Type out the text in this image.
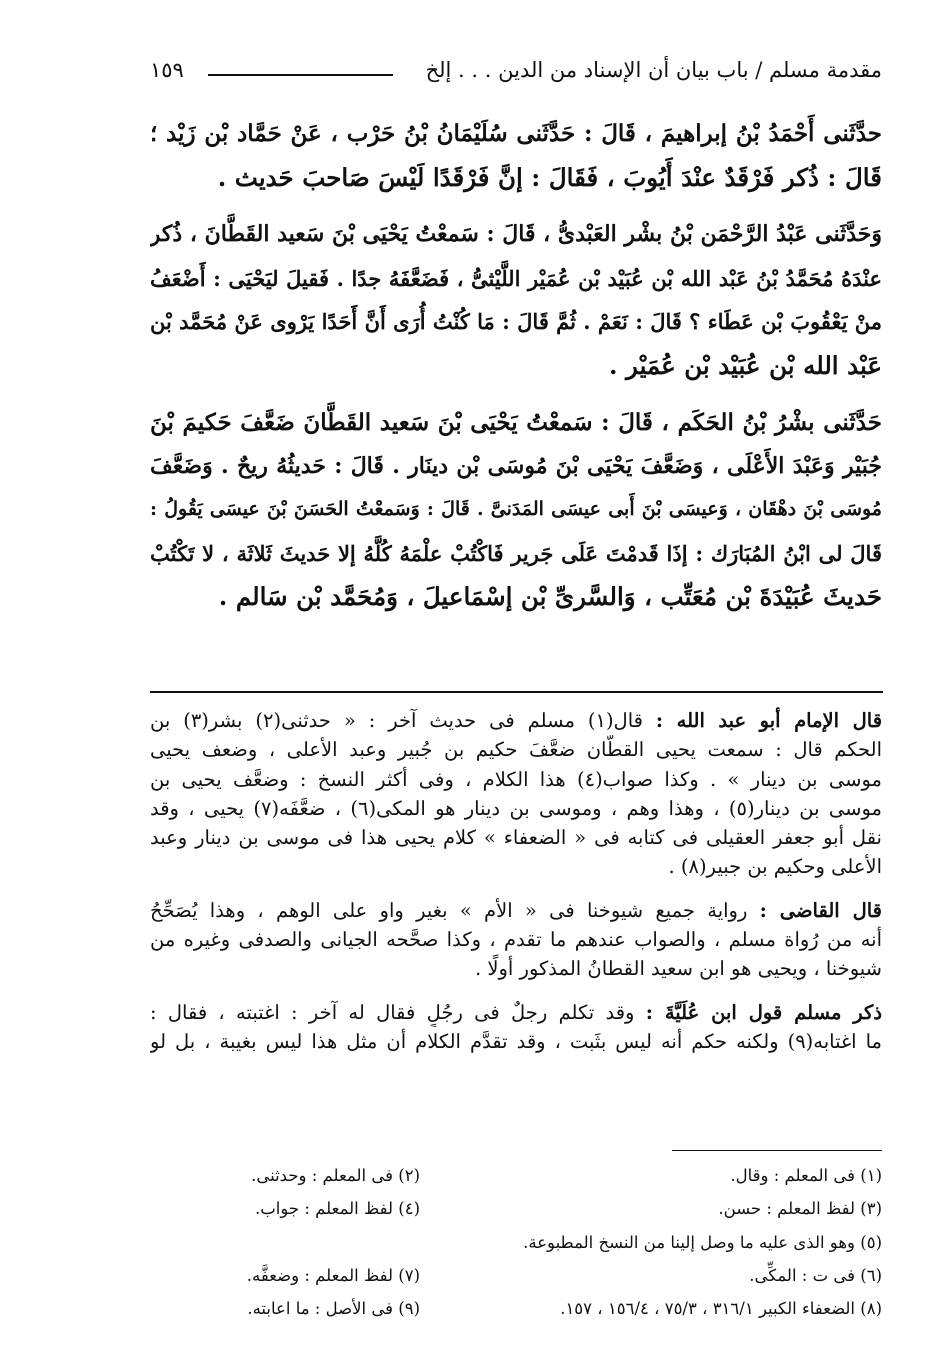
مقدمة مسلم / باب بيان أن الإسناد من الدين . . . إلخ
١٥٩
حدَّثَنى أَحْمَدُ بْنُ إبراهيمَ ، قَالَ : حَدَّثَنى سُلَيْمَانُ بْنُ حَرْب ، عَنْ حَمَّاد بْن زَيْد ؛
قَالَ : ذُكر فَرْقَدٌ عنْدَ أَيُوبَ ، فَقَالَ : إنَّ فَرْقَدًا لَيْسَ صَاحبَ حَديث .
وَحَدَّثَنى عَبْدُ الرَّحْمَن بْنُ بشْر العَبْدىُّ ، قَالَ : سَمعْتُ يَحْيَى بْنَ سَعيد القَطَّانَ ، ذُكر
عنْدَهُ مُحَمَّدُ بْنُ عَبْد الله بْن عُبَيْد بْن عُمَيْر اللَّيْثىُّ ، فَضَعَّفَهُ جدًا . فَقيلَ ليَحْيَى : أَضْعَفُ
منْ يَعْقُوبَ بْن عَطَاء ؟ قَالَ : نَعَمْ . ثُمَّ قَالَ : مَا كُنْتُ أُرَى أَنَّ أَحَدًا يَرْوى عَنْ مُحَمَّد بْن
عَبْد الله بْن عُبَيْد بْن عُمَيْر .
حَدَّثَنى بشْرُ بْنُ الحَكَم ، قَالَ : سَمعْتُ يَحْيَى بْنَ سَعيد القَطَّانَ ضَعَّفَ حَكيمَ بْنَ
جُبَيْر وَعَبْدَ الأَعْلَى ، وَضَعَّفَ يَحْيَى بْنَ مُوسَى بْن دينَار . قَالَ : حَديثُهُ ريحٌ . وَضَعَّفَ
مُوسَى بْنَ دهْقَان ، وَعيسَى بْنَ أَبى عيسَى المَدَنىَّ . قَالَ : وَسَمعْتُ الحَسَنَ بْنَ عيسَى يَقُولُ :
قَالَ لى ابْنُ المُبَارَك : إذَا قَدمْتَ عَلَى جَرير فَاكْتُبْ علْمَهُ كُلَّهُ إلا حَديثَ ثَلاثَة ، لا تَكْتُبْ
حَديثَ عُبَيْدَةَ بْن مُعَتِّب ، وَالسَّرىِّ بْن إسْمَاعيلَ ، وَمُحَمَّد بْن سَالم .
قال الإمام أبو عبد الله : قال(١) مسلم فى حديث آخر : « حدثنى(٢) بشر(٣) بن
الحكم قال : سمعت يحيى القطَّان ضعَّفَ حكيم بن جُبير وعبد الأعلى ، وضعف يحيى
موسى بن دينار » . وكذا صواب(٤) هذا الكلام ، وفى أكثر النسخ : وضعَّف يحيى بن
موسى بن دينار(٥) ، وهذا وهم ، وموسى بن دينار هو المكى(٦) ، ضعَّفَه(٧) يحيى ، وقد
نقل أبو جعفر العقيلى فى كتابه فى « الضعفاء » كلام يحيى هذا فى موسى بن دينار وعبد
الأعلى وحكيم بن جبير(٨) .
قال القاضى : رواية جميع شيوخنا فى « الأم » بغير واو على الوهم ، وهذا يُصَحِّحُ
أنه من رُواة مسلم ، والصواب عندهم ما تقدم ، وكذا صحَّحه الجيانى والصدفى وغيره من
شيوخنا ، ويحيى هو ابن سعيد القطانُ المذكور أولًا .
ذكر مسلم قول ابن عُلَيَّةَ : وقد تكلم رجلٌ فى رجُلٍ فقال له آخر : اغتبته ، فقال :
ما اغتابه(٩) ولكنه حكم أنه ليس بثَبت ، وقد تقدَّم الكلام أن مثل هذا ليس بغيبة ، بل لو
(١) فى المعلم : وقال.
(٢) فى المعلم : وحدثنى.
(٣) لفظ المعلم : حسن.
(٤) لفظ المعلم : جواب.
(٥) وهو الذى عليه ما وصل إلينا من النسخ المطبوعة.
(٦) فى ت : المكِّى.
(٧) لفظ المعلم : وضعفَّه.
(٨) الضعفاء الكبير ٣١٦/١ ، ٧٥/٣ ، ١٥٦/٤ ، ١٥٧.
(٩) فى الأصل : ما اعابته.
